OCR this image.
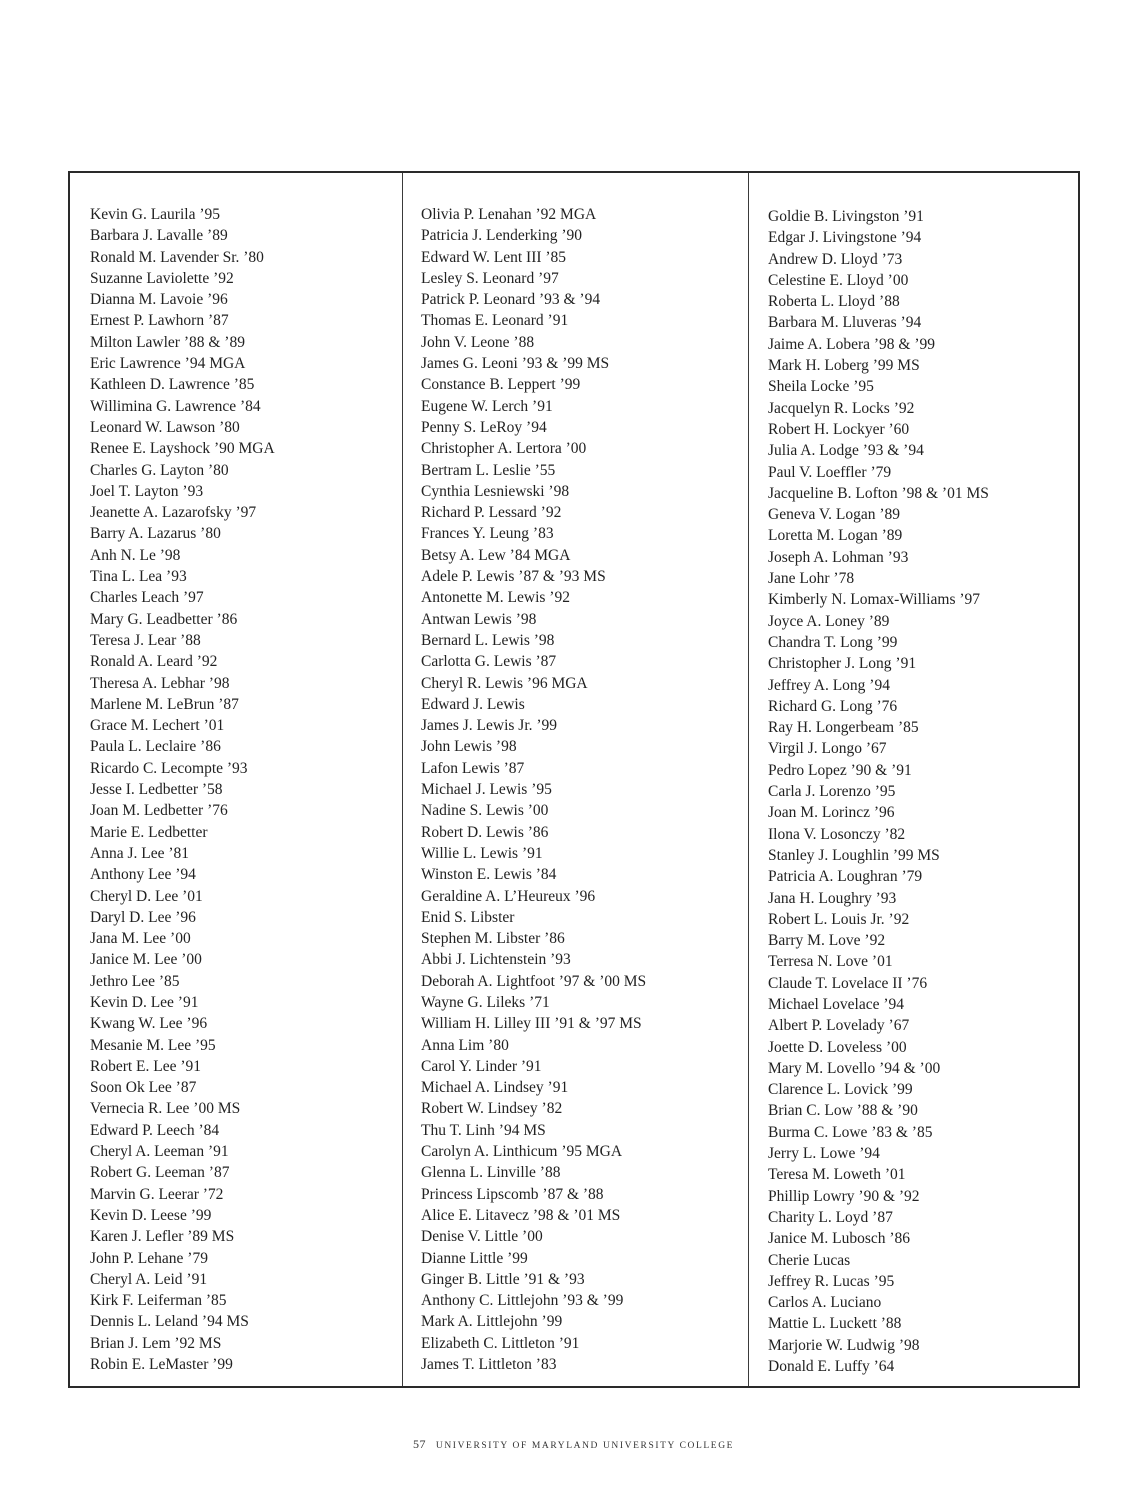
Kevin G. Laurila ’95
Barbara J. Lavalle ’89
Ronald M. Lavender Sr. ’80
Suzanne Laviolette ’92
Dianna M. Lavoie ’96
Ernest P. Lawhorn ’87
Milton Lawler ’88 & ’89
Eric Lawrence ’94 MGA
Kathleen D. Lawrence ’85
Willimina G. Lawrence ’84
Leonard W. Lawson ’80
Renee E. Layshock ’90 MGA
Charles G. Layton ’80
Joel T. Layton ’93
Jeanette A. Lazarofsky ’97
Barry A. Lazarus ’80
Anh N. Le ’98
Tina L. Lea ’93
Charles Leach ’97
Mary G. Leadbetter ’86
Teresa J. Lear ’88
Ronald A. Leard ’92
Theresa A. Lebhar ’98
Marlene M. LeBrun ’87
Grace M. Lechert ’01
Paula L. Leclaire ’86
Ricardo C. Lecompte ’93
Jesse I. Ledbetter ’58
Joan M. Ledbetter ’76
Marie E. Ledbetter
Anna J. Lee ’81
Anthony Lee ’94
Cheryl D. Lee ’01
Daryl D. Lee ’96
Jana M. Lee ’00
Janice M. Lee ’00
Jethro Lee ’85
Kevin D. Lee ’91
Kwang W. Lee ’96
Mesanie M. Lee ’95
Robert E. Lee ’91
Soon Ok Lee ’87
Vernecia R. Lee ’00 MS
Edward P. Leech ’84
Cheryl A. Leeman ’91
Robert G. Leeman ’87
Marvin G. Leerar ’72
Kevin D. Leese ’99
Karen J. Lefler ’89 MS
John P. Lehane ’79
Cheryl A. Leid ’91
Kirk F. Leiferman ’85
Dennis L. Leland ’94 MS
Brian J. Lem ’92 MS
Robin E. LeMaster ’99
Olivia P. Lenahan ’92 MGA
Patricia J. Lenderking ’90
Edward W. Lent III ’85
Lesley S. Leonard ’97
Patrick P. Leonard ’93 & ’94
Thomas E. Leonard ’91
John V. Leone ’88
James G. Leoni ’93 & ’99 MS
Constance B. Leppert ’99
Eugene W. Lerch ’91
Penny S. LeRoy ’94
Christopher A. Lertora ’00
Bertram L. Leslie ’55
Cynthia Lesniewski ’98
Richard P. Lessard ’92
Frances Y. Leung ’83
Betsy A. Lew ’84 MGA
Adele P. Lewis ’87 & ’93 MS
Antonette M. Lewis ’92
Antwan Lewis ’98
Bernard L. Lewis ’98
Carlotta G. Lewis ’87
Cheryl R. Lewis ’96 MGA
Edward J. Lewis
James J. Lewis Jr. ’99
John Lewis ’98
Lafon Lewis ’87
Michael J. Lewis ’95
Nadine S. Lewis ’00
Robert D. Lewis ’86
Willie L. Lewis ’91
Winston E. Lewis ’84
Geraldine A. L’Heureux ’96
Enid S. Libster
Stephen M. Libster ’86
Abbi J. Lichtenstein ’93
Deborah A. Lightfoot ’97 & ’00 MS
Wayne G. Lileks ’71
William H. Lilley III ’91 & ’97 MS
Anna Lim ’80
Carol Y. Linder ’91
Michael A. Lindsey ’91
Robert W. Lindsey ’82
Thu T. Linh ’94 MS
Carolyn A. Linthicum ’95 MGA
Glenna L. Linville ’88
Princess Lipscomb ’87 & ’88
Alice E. Litavecz ’98 & ’01 MS
Denise V. Little ’00
Dianne Little ’99
Ginger B. Little ’91 & ’93
Anthony C. Littlejohn ’93 & ’99
Mark A. Littlejohn ’99
Elizabeth C. Littleton ’91
James T. Littleton ’83
Goldie B. Livingston ’91
Edgar J. Livingstone ’94
Andrew D. Lloyd ’73
Celestine E. Lloyd ’00
Roberta L. Lloyd ’88
Barbara M. Lluveras ’94
Jaime A. Lobera ’98 & ’99
Mark H. Loberg ’99 MS
Sheila Locke ’95
Jacquelyn R. Locks ’92
Robert H. Lockyer ’60
Julia A. Lodge ’93 & ’94
Paul V. Loeffler ’79
Jacqueline B. Lofton ’98 & ’01 MS
Geneva V. Logan ’89
Loretta M. Logan ’89
Joseph A. Lohman ’93
Jane Lohr ’78
Kimberly N. Lomax-Williams ’97
Joyce A. Loney ’89
Chandra T. Long ’99
Christopher J. Long ’91
Jeffrey A. Long ’94
Richard G. Long ’76
Ray H. Longerbeam ’85
Virgil J. Longo ’67
Pedro Lopez ’90 & ’91
Carla J. Lorenzo ’95
Joan M. Lorincz ’96
Ilona V. Losonczy ’82
Stanley J. Loughlin ’99 MS
Patricia A. Loughran ’79
Jana H. Loughry ’93
Robert L. Louis Jr. ’92
Barry M. Love ’92
Terresa N. Love ’01
Claude T. Lovelace II ’76
Michael Lovelace ’94
Albert P. Lovelady ’67
Joette D. Loveless ’00
Mary M. Lovello ’94 & ’00
Clarence L. Lovick ’99
Brian C. Low ’88 & ’90
Burma C. Lowe ’83 & ’85
Jerry L. Lowe ’94
Teresa M. Loweth ’01
Phillip Lowry ’90 & ’92
Charity L. Loyd ’87
Janice M. Lubosch ’86
Cherie Lucas
Jeffrey R. Lucas ’95
Carlos A. Luciano
Mattie L. Luckett ’88
Marjorie W. Ludwig ’98
Donald E. Luffy ’64
57 UNIVERSITY OF MARYLAND UNIVERSITY COLLEGE
